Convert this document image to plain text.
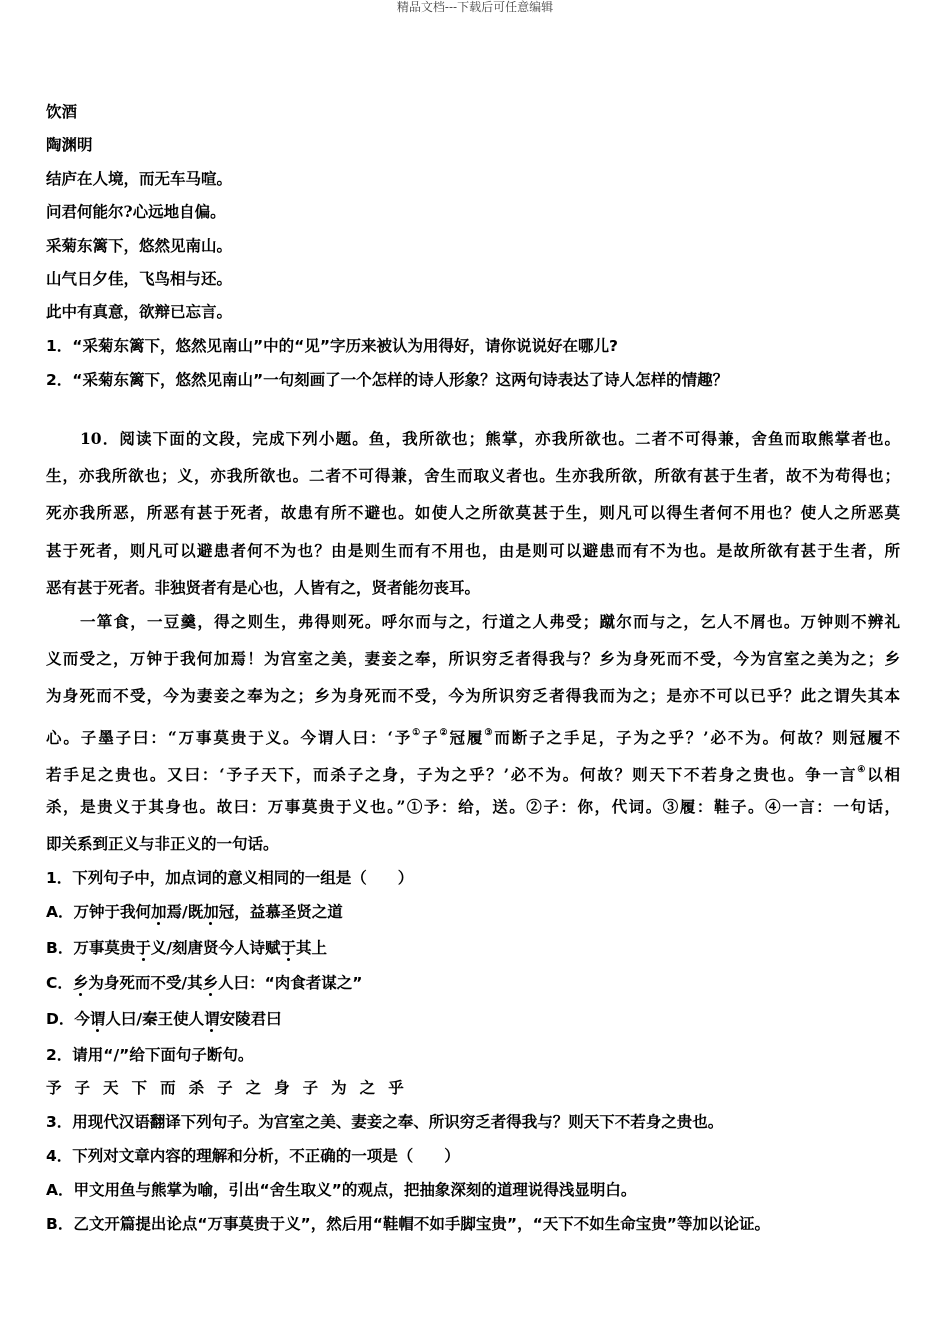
精品文档---下载后可任意编辑
饮酒
陶渊明
结庐在人境，而无车马喧。
问君何能尔?心远地自偏。
采菊东篱下，悠然见南山。
山气日夕佳，飞鸟相与还。
此中有真意，欲辩已忘言。
1．“采菊东篱下，悠然见南山”中的“见”字历来被认为用得好，请你说说好在哪儿?
2．“采菊东篱下，悠然见南山”一句刻画了一个怎样的诗人形象？这两句诗表达了诗人怎样的情趣？
10．阅读下面的文段，完成下列小题。鱼，我所欲也；熊掌，亦我所欲也。二者不可得兼，舍鱼而取熊掌者也。
生，亦我所欲也；义，亦我所欲也。二者不可得兼，舍生而取义者也。生亦我所欲，所欲有甚于生者，故不为苟得也；
死亦我所恶，所恶有甚于死者，故患有所不避也。如使人之所欲莫甚于生，则凡可以得生者何不用也？使人之所恶莫
甚于死者，则凡可以避患者何不为也？由是则生而有不用也，由是则可以避患而有不为也。是故所欲有甚于生者，所
恶有甚于死者。非独贤者有是心也，人皆有之，贤者能勿丧耳。
一箪食，一豆羹，得之则生，弗得则死。呼尔而与之，行道之人弗受；蹴尔而与之，乞人不屑也。万钟则不辨礼
义而受之，万钟于我何加焉！为宫室之美，妻妾之奉，所识穷乏者得我与？乡为身死而不受，今为宫室之美为之；乡
为身死而不受，今为妻妾之奉为之；乡为身死而不受，今为所识穷乏者得我而为之；是亦不可以已乎？此之谓失其本
心。子墨子曰：“万事莫贵于义。今谓人曰：‘予①子②冠履③而断子之手足，子为之乎？’必不为。何故？则冠履不
若手足之贵也。又曰：‘予子天下，而杀子之身，子为之乎？’必不为。何故？则天下不若身之贵也。争一言④以相
杀，是贵义于其身也。故曰：万事莫贵于义也。”①予：给，送。②子：你，代词。③履：鞋子。④一言：一句话，
即关系到正义与非正义的一句话。
1．下列句子中，加点词的意义相同的一组是（　　）
A．万钟于我何加焉/既加冠，益慕圣贤之道
B．万事莫贵于义/刻唐贤今人诗赋于其上
C．乡为身死而不受/其乡人曰：“肉食者谋之”
D．今谓人曰/秦王使人谓安陵君曰
2．请用“/”给下面句子断句。
予 子 天 下 而 杀 子 之 身 子 为 之 乎
3．用现代汉语翻译下列句子。为宫室之美、妻妾之奉、所识穷乏者得我与？则天下不若身之贵也。
4．下列对文章内容的理解和分析，不正确的一项是（　　）
A．甲文用鱼与熊掌为喻，引出“舍生取义”的观点，把抽象深刻的道理说得浅显明白。
B．乙文开篇提出论点“万事莫贵于义”，然后用“鞋帽不如手脚宝贵”，“天下不如生命宝贵”等加以论证。
